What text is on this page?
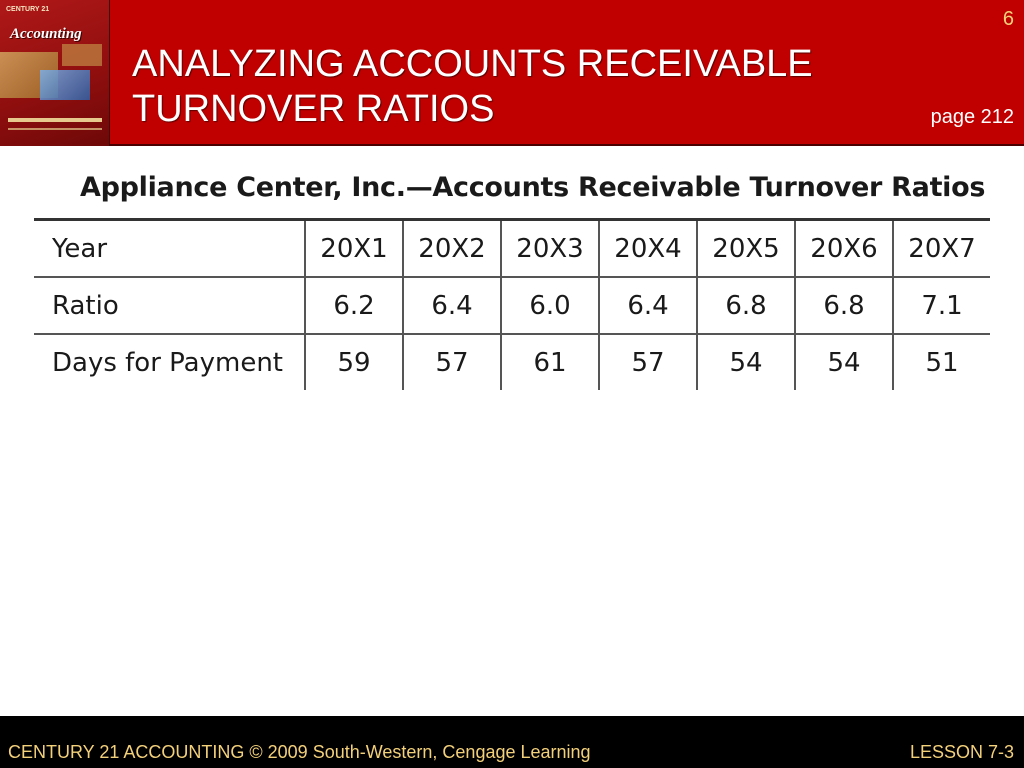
CENTURY 21
Accounting
ANALYZING ACCOUNTS RECEIVABLE
TURNOVER RATIOS
6
page 212
Appliance Center, Inc.—Accounts Receivable Turnover Ratios
Year	20X1	20X2	20X3	20X4	20X5	20X6	20X7
Ratio	6.2	6.4	6.0	6.4	6.8	6.8	7.1
Days for Payment	59	57	61	57	54	54	51
CENTURY 21 ACCOUNTING © 2009 South-Western, Cengage Learning	LESSON 7-3
